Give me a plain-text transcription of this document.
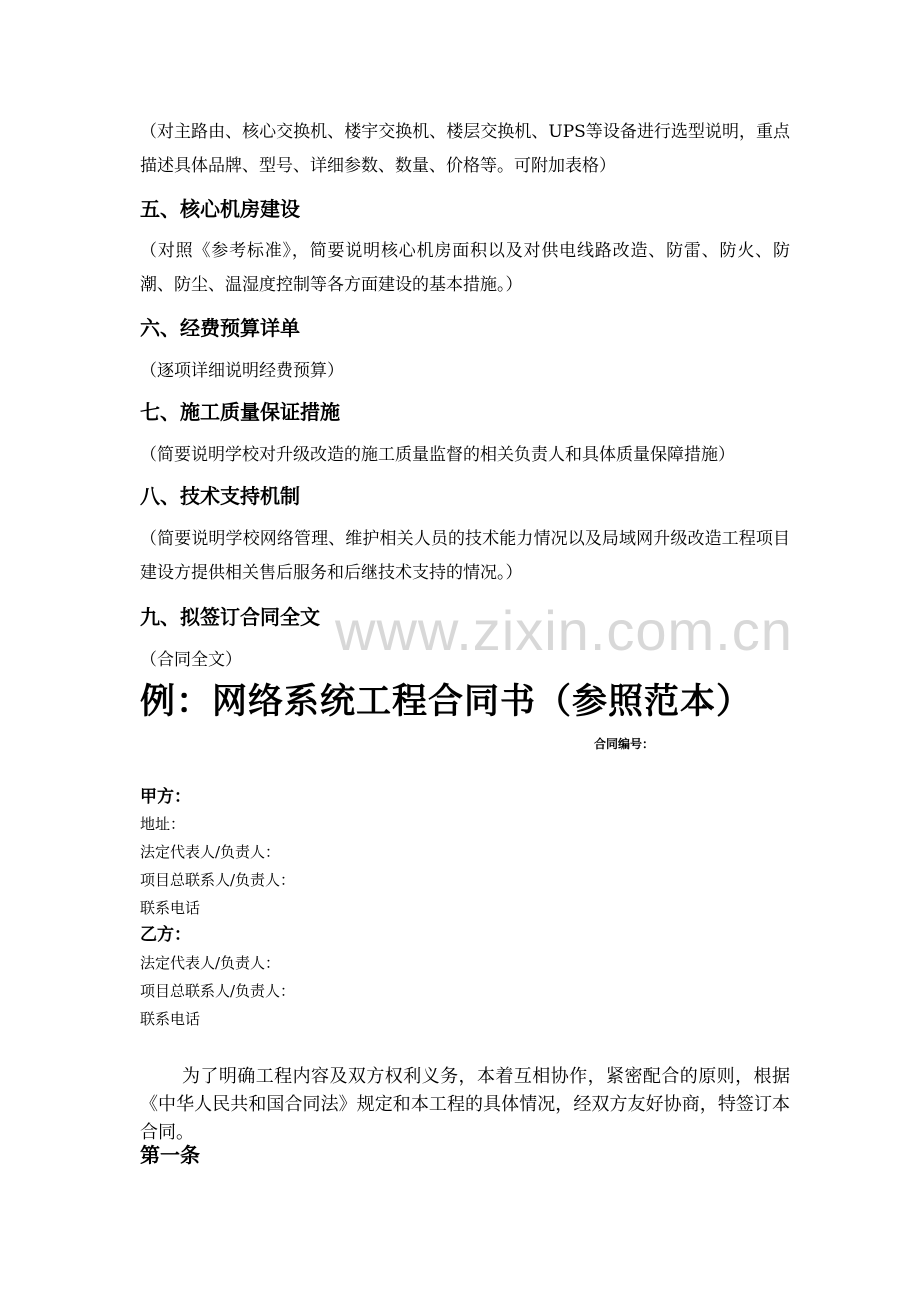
www.zixin.com.cn

（对主路由、核心交换机、楼宇交换机、楼层交换机、UPS等设备进行选型说明，重点描述具体品牌、型号、详细参数、数量、价格等。可附加表格）

五、核心机房建设

（对照《参考标准》，简要说明核心机房面积以及对供电线路改造、防雷、防火、防潮、防尘、温湿度控制等各方面建设的基本措施。）

六、经费预算详单

（逐项详细说明经费预算）

七、施工质量保证措施

（简要说明学校对升级改造的施工质量监督的相关负责人和具体质量保障措施）

八、技术支持机制

（简要说明学校网络管理、维护相关人员的技术能力情况以及局域网升级改造工程项目建设方提供相关售后服务和后继技术支持的情况。）

九、拟签订合同全文

（合同全文）

例：网络系统工程合同书（参照范本）

合同编号：

甲方：

地址：

法定代表人/负责人：

项目总联系人/负责人：

联系电话

乙方：

法定代表人/负责人：

项目总联系人/负责人：

联系电话

为了明确工程内容及双方权利义务，本着互相协作，紧密配合的原则，根据《中华人民共和国合同法》规定和本工程的具体情况，经双方友好协商，特签订本合同。

第一条
